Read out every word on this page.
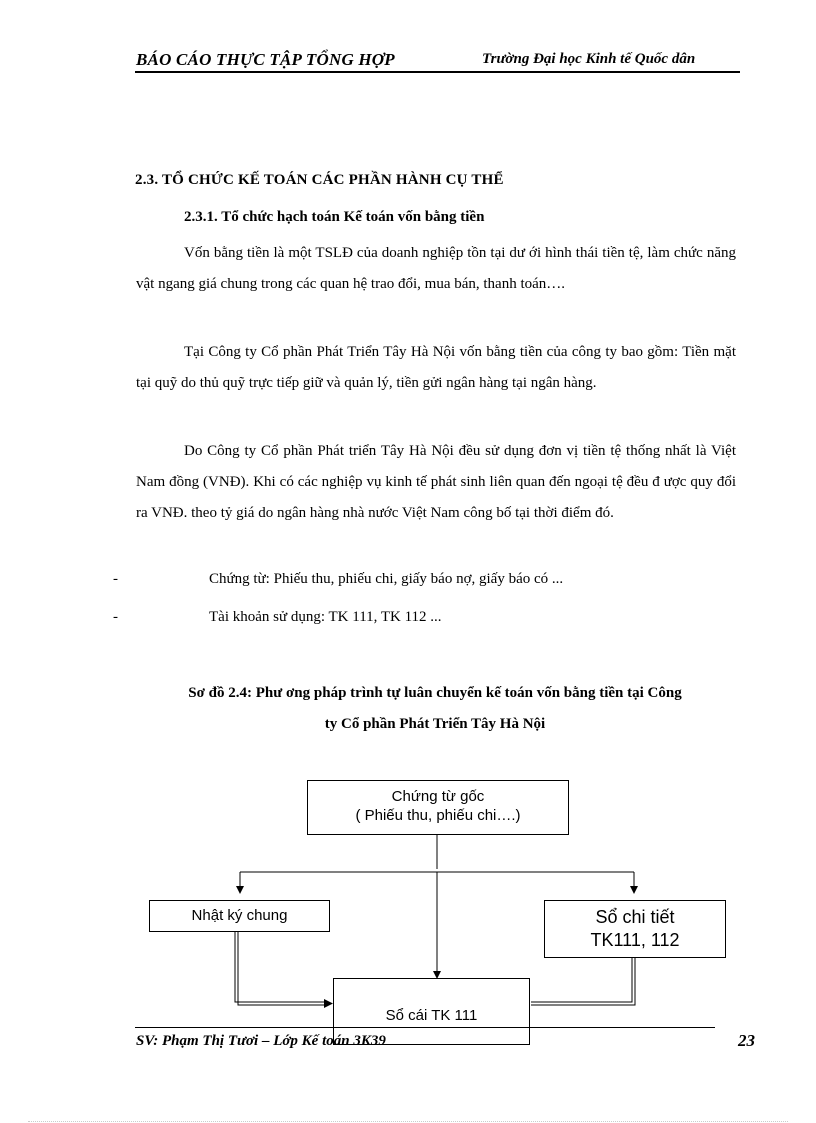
BÁO CÁO THỰC TẬP TỔNG HỢP	Trường Đại học Kinh tế Quốc dân
2.3. TỔ CHỨC KẾ TOÁN CÁC PHẦN HÀNH CỤ THỂ
2.3.1. Tổ chức hạch toán Kế toán vốn bằng tiền
Vốn bằng tiền là một TSLĐ của doanh nghiệp tồn tại dư ới hình thái tiền tệ, làm chức năng vật ngang giá chung trong các quan hệ trao đổi, mua bán, thanh toán….
Tại Công ty Cổ phần Phát Triển Tây Hà Nội vốn bằng tiền của công ty bao gồm: Tiền mặt tại quỹ do thủ quỹ trực tiếp giữ và quản lý, tiền gửi ngân hàng tại ngân hàng.
Do Công ty Cổ phần Phát triển Tây Hà Nội đều sử dụng đơn vị tiền tệ thống nhất là Việt Nam đồng (VNĐ). Khi có các nghiệp vụ kinh tế phát sinh liên quan đến ngoại tệ đều đ ược quy đổi ra VNĐ. theo tỷ giá do ngân hàng nhà nước Việt Nam công bố tại thời điểm đó.
-	Chứng từ: Phiếu thu, phiếu chi, giấy báo nợ, giấy báo có ...
-	Tài khoản sử dụng: TK 111, TK 112 ...
Sơ đồ 2.4: Phư ơng pháp trình tự luân chuyển kế toán vốn bằng tiền tại Công
ty Cổ phần Phát Triển Tây Hà Nội
Chứng từ gốc
( Phiếu thu, phiếu chi….)
Nhật ký chung	Sổ chi tiết
TK111, 112
Sổ cái TK 111
SV: Phạm Thị Tươi – Lớp Kế toán 3K39	23
